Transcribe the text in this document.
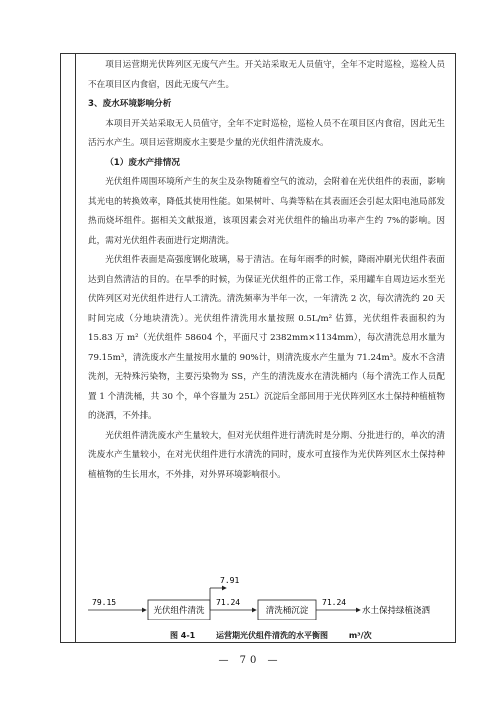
项目运营期光伏阵列区无废气产生。开关站采取无人员值守，全年不定时巡检，巡检人员不在项目区内食宿，因此无废气产生。

3、废水环境影响分析

本项目开关站采取无人员值守，全年不定时巡检，巡检人员不在项目区内食宿，因此无生活污水产生。项目运营期废水主要是少量的光伏组件清洗废水。

（1）废水产排情况

光伏组件周围环境所产生的灰尘及杂物随着空气的流动，会附着在光伏组件的表面，影响其光电的转换效率，降低其使用性能。如果树叶、鸟粪等粘在其表面还会引起太阳电池局部发热而烧坏组件。据相关文献报道，该项因素会对光伏组件的输出功率产生约 7%的影响。因此，需对光伏组件表面进行定期清洗。

光伏组件表面是高强度钢化玻璃，易于清洁。在每年雨季的时候，降雨冲刷光伏组件表面达到自然清洁的目的。在旱季的时候，为保证光伏组件的正常工作，采用罐车自周边运水至光伏阵列区对光伏组件进行人工清洗。清洗频率为半年一次，一年清洗 2 次，每次清洗约 20 天时间完成（分地块清洗）。光伏组件清洗用水量按照 0.5L/m² 估算，光伏组件表面积约为 15.83 万 m²（光伏组件 58604 个，平面尺寸 2382mm×1134mm），每次清洗总用水量为 79.15m³，清洗废水产生量按用水量的 90%计，则清洗废水产生量为 71.24m³。废水不含清洗剂，无特殊污染物，主要污染物为 SS，产生的清洗废水在清洗桶内（每个清洗工作人员配置 1 个清洗桶，共 30 个，单个容量为 25L）沉淀后全部回用于光伏阵列区水土保持种植植物的浇洒，不外排。

光伏组件清洗废水产生量较大，但对光伏组件进行清洗时是分期、分批进行的，单次的清洗废水产生量较小，在对光伏组件进行水清洗的同时，废水可直接作为光伏阵列区水土保持种植植物的生长用水，不外排，对外界环境影响很小。

79.15
光伏组件清洗
7.91
71.24
清洗桶沉淀
71.24
水土保持绿植浇洒
图 4-1	运营期光伏组件清洗的水平衡图	m³/次
— 70 —
